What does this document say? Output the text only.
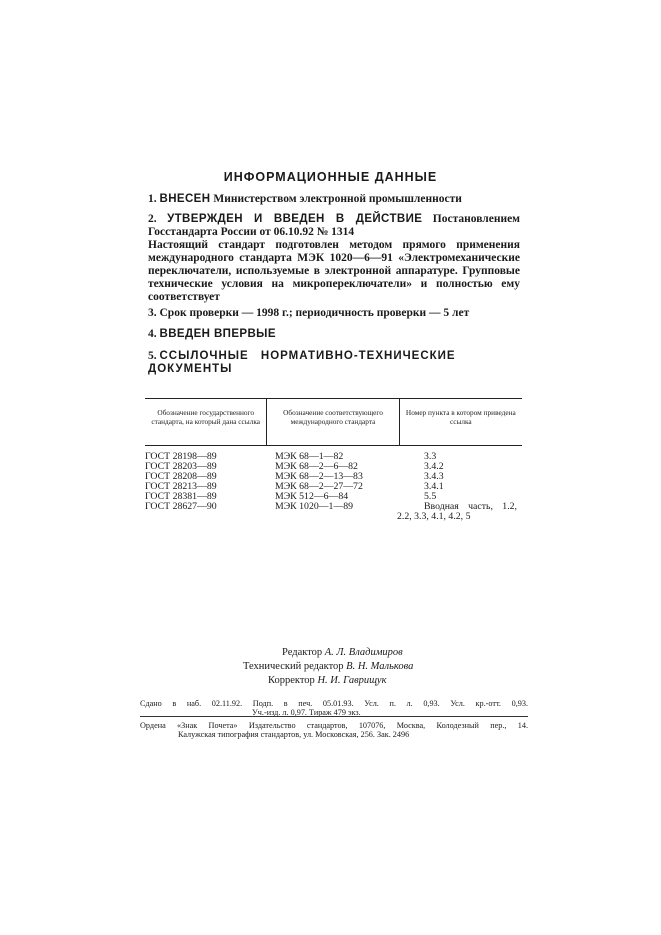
ИНФОРМАЦИОННЫЕ ДАННЫЕ
1. ВНЕСЕН Министерством электронной промышленности
2. УТВЕРЖДЕН И ВВЕДЕН В ДЕЙСТВИЕ Постановлением Госстандарта России от 06.10.92 № 1314
Настоящий стандарт подготовлен методом прямого применения международного стандарта МЭК 1020—6—91 «Электромеханические переключатели, используемые в электронной аппаратуре. Групповые технические условия на микропереключатели» и полностью ему соответствует
3. Срок проверки — 1998 г.; периодичность проверки — 5 лет
4. ВВЕДЕН ВПЕРВЫЕ
5. ССЫЛОЧНЫЕ НОРМАТИВНО-ТЕХНИЧЕСКИЕ ДОКУМЕНТЫ
Обозначение государственного стандарта, на который дана ссылка
Обозначение соответствующего международного стандарта
Номер пункта в котором приведена ссылка
ГОСТ 28198—89
ГОСТ 28203—89
ГОСТ 28208—89
ГОСТ 28213—89
ГОСТ 28381—89
ГОСТ 28627—90
МЭК 68—1—82
МЭК 68—2—6—82
МЭК 68—2—13—83
МЭК 68—2—27—72
МЭК 512—6—84
МЭК 1020—1—89
3.3
3.4.2
3.4.3
3.4.1
5.5
Вводная часть, 1.2, 2.2, 3.3, 4.1, 4.2, 5
Редактор А. Л. Владимиров
Технический редактор В. Н. Малькова
Корректор Н. И. Гаврищук
Сдано в наб. 02.11.92. Подп. в печ. 05.01.93. Усл. п. л. 0,93. Усл. кр.-отт. 0,93.
Уч.-изд. л. 0,97. Тираж 479 экз.
Ордена «Знак Почета» Издательство стандартов, 107076, Москва, Колодезный пер., 14.
Калужская типография стандартов, ул. Московская, 256. Зак. 2496
